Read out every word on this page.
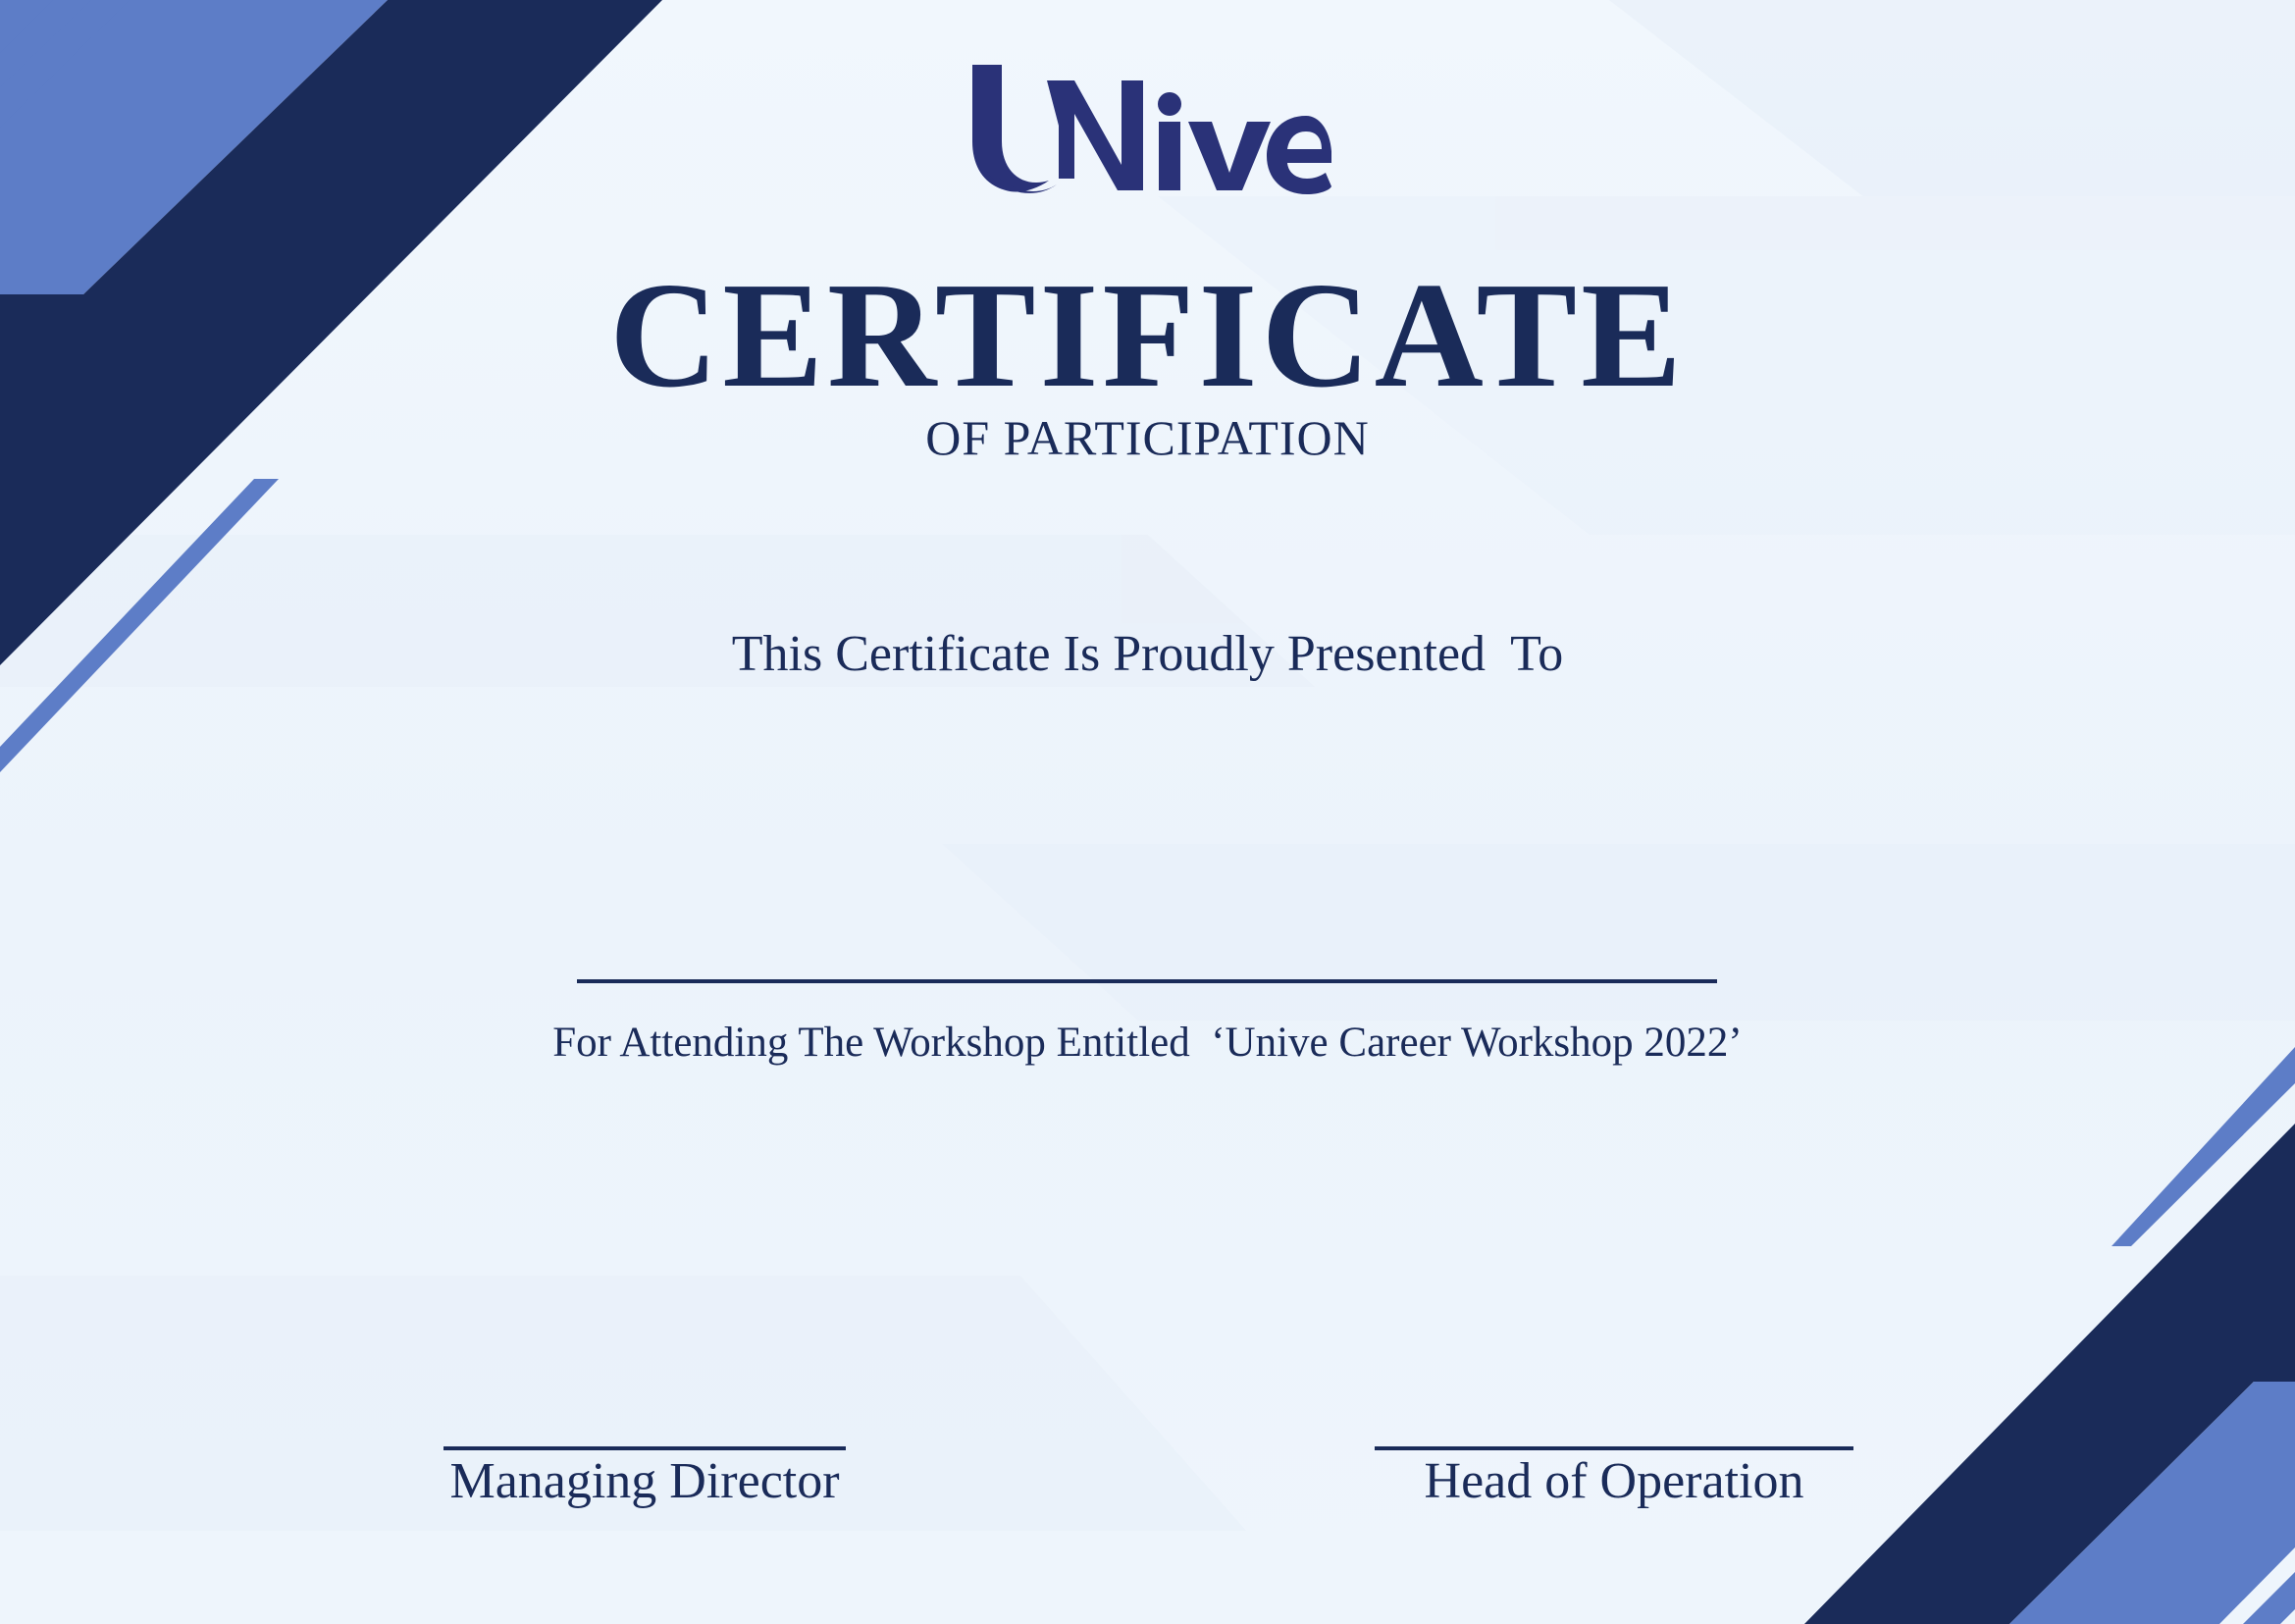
CERTIFICATE
OF PARTICIPATION
This Certificate Is Proudly Presented  To
For Attending The Workshop Entitled  ‘Unive Career Workshop 2022’
Managing Director	Head of Operation
